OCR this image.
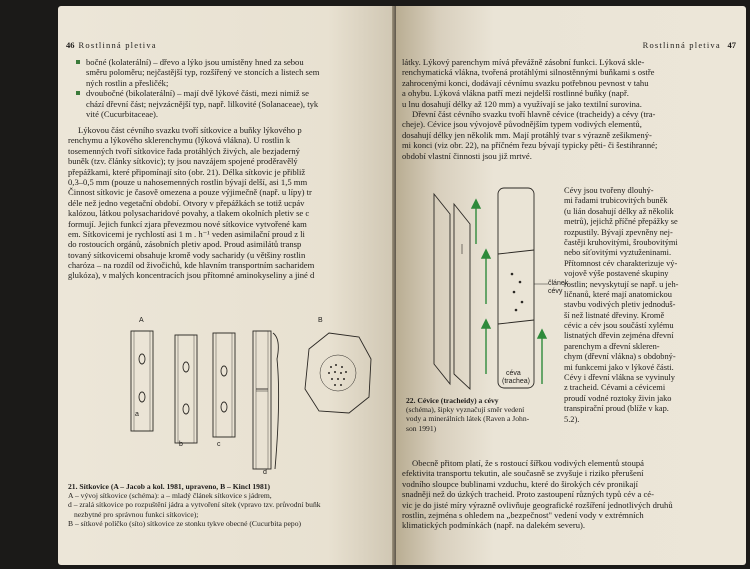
46 Rostlinná pletiva
bočné (kolaterální) – dřevo a lýko jsou umístěny hned za sebou
směru poloměru; nejčastější typ, rozšířený ve stoncích a listech sem
ných rostlin a přesličék;
dvoubočné (bikolaterální) – mají dvě lýkové části, mezi nimiž se
chází dřevní část; nejvzácnější typ, např. lilkovité (Solanaceae), tyk
vité (Cucurbitaceae).
Lýkovou část cévního svazku tvoří sítkovice a buňky lýkového p
renchymu a lýkového sklerenchymu (lýková vlákna). U rostlin k
tosemenných tvoří sítkovice řada protáhlých živých, ale bezjaderný
buněk (tzv. články sítkovic); ty jsou navzájem spojené proděravělý
přepážkami, které připomínají síto (obr. 21). Délka sítkovic je přibliž
0,3–0,5 mm (pouze u nahosemenných rostlin bývají delší, asi 1,5 mm
Činnost sítkovic je časově omezena a pouze výjimečně (např. u lípy) tr
déle než jedno vegetační období. Otvory v přepážkách se totiž ucpáv
kalózou, látkou polysacharidové povahy, a tlakem okolních pletiv se c
formují. Jejich funkcí zjara převezmou nové sítkovice vytvořené kam
em. Sítkovicemi je rychlostí asi 1 m . h⁻¹ veden asimilační proud z li
do rostoucích orgánů, zásobních pletiv apod. Proud asimilátů transp
tovaný sítkovicemi obsahuje kromě vody sacharidy (u většiny rostlin
charóza – na rozdíl od živočichů, kde hlavním transportním sacharidem
glukóza), v malých koncentracích jsou přítomné aminokyseliny a jiné d
A
a
b	c
d
B
21. Sítkovice (A – Jacob a kol. 1981, upraveno, B – Kincl 1981)
A – vývoj sítkovice (schéma): a – mladý článek sítkovice s jádrem,
d – zralá sítkovice po rozpuštění jádra a vytvoření sítek (vpravo tzv. průvodní buňk
nezbytné pro správnou funkci sítkovice);
B – sítkové políčko (síto) sítkovice ze stonku tykve obecné (Cucurbita pepo)
Rostlinná pletiva 47
látky. Lýkový parenchym mívá převážně zásobní funkci. Lýková skle-
renchymatická vlákna, tvořená protáhlými silnostěnnými buňkami s ostře
zahrocenými konci, dodávají cévnímu svazku potřebnou pevnost v tahu
a ohybu. Lýková vlákna patří mezi nejdelší rostlinné buňky (např.
u lnu dosahují délky až 120 mm) a využívají se jako textilní surovina.
Dřevní část cévního svazku tvoří hlavně cévice (tracheidy) a cévy (tra-
cheje). Cévice jsou vývojově původnějším typem vodivých elementů,
dosahují délky jen několik mm. Mají protáhlý tvar s výrazně zešikmený-
mi konci (viz obr. 22), na příčném řezu bývají typicky pěti- či šestihranné;
období vlastní činnosti jsou již mrtvé.
článek
cévy
céva
(trachea)
22. Cévice (tracheidy) a cévy
(schéma), šipky vyznačují směr vedení
vody a minerálních látek (Raven a John-
son 1991)
Cévy jsou tvořeny dlouhý-
mi řadami trubicovitých buněk
(u lián dosahují délky až několik
metrů), jejichž příčné přepážky se
rozpustily. Bývají zpevněny nej-
častěji kruhovitými, šroubovitými
nebo síťovitými vyztuženinami.
Přítomnost cév charakterizuje vý-
vojově výše postavené skupiny
rostlin; nevyskytují se např. u jeh-
ličnanů, které mají anatomickou
stavbu vodivých pletiv jednoduš-
ší než listnaté dřeviny. Kromě
cévic a cév jsou součástí xylému
listnatých dřevin zejména dřevní
parenchym a dřevní skleren-
chym (dřevní vlákna) s obdobný-
mi funkcemi jako v lýkové části.
Cévy i dřevní vlákna se vyvinuly
z tracheid. Cévami a cévicemi
proudí vodné roztoky živin jako
transpirační proud (blíže v kap.
5.2).
Obecně přitom platí, že s rostoucí šířkou vodivých elementů stoupá
efektivita transportu tekutin, ale současně se zvyšuje i riziko přerušení
vodního sloupce bublinami vzduchu, které do širokých cév pronikají
snadněji než do úzkých tracheid. Proto zastoupení různých typů cév a cé-
vic je do jisté míry výrazně ovlivňuje geografické rozšíření jednotlivých druhů
rostlin, zejména s ohledem na „bezpečnost" vedení vody v extrémních
klimatických podmínkách (např. na dalekém severu).
